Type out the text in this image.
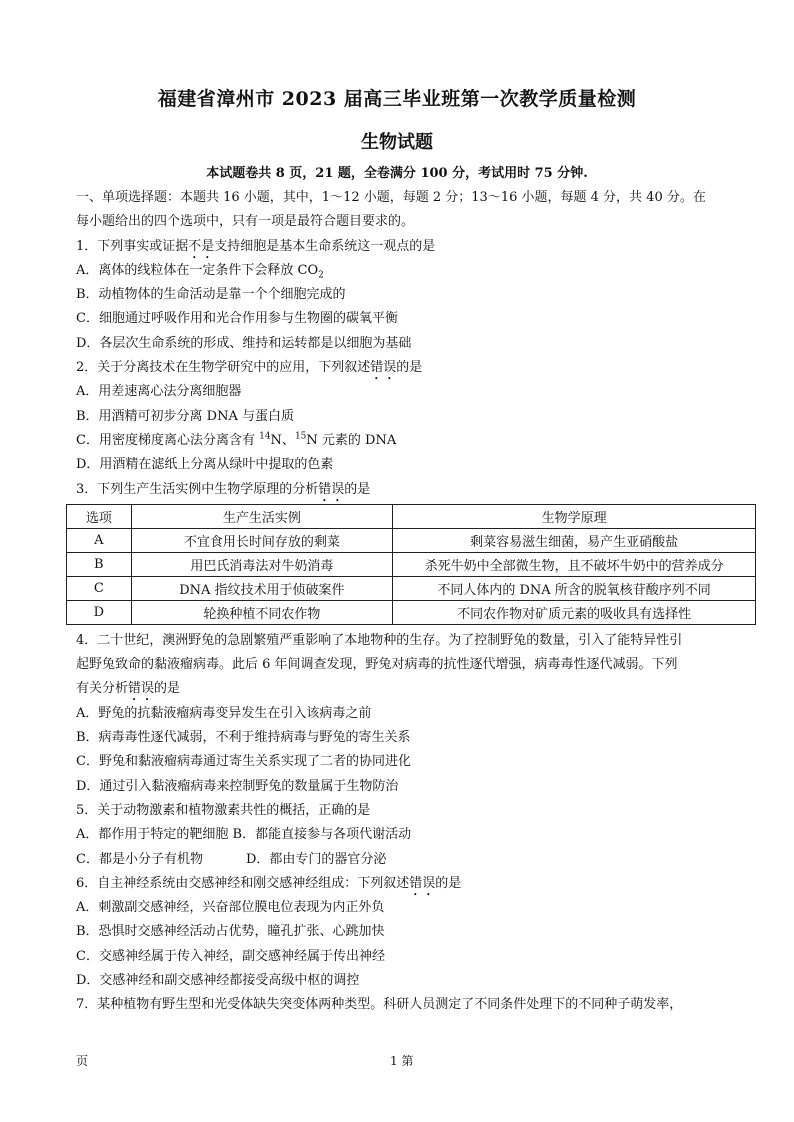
福建省漳州市 2023 届高三毕业班第一次教学质量检测
生物试题
本试题卷共 8 页，21 题，全卷满分 100 分，考试用时 75 分钟.
一、单项选择题：本题共 16 小题，其中，1～12 小题，每题 2 分；13～16 小题，每题 4 分，共 40 分。在
每小题给出的四个选项中，只有一项是最符合题目要求的。
1．下列事实或证据不是支持细胞是基本生命系统这一观点的是
A．离体的线粒体在一定条件下会释放 $CO_2$
B．动植物体的生命活动是靠一个个细胞完成的
C．细胞通过呼吸作用和光合作用参与生物圈的碳氧平衡
D．各层次生命系统的形成、维持和运转都是以细胞为基础
2．关于分离技术在生物学研究中的应用，下列叙述错误的是
A．用差速离心法分离细胞器
B．用酒精可初步分离 DNA 与蛋白质
C．用密度梯度离心法分离含有 $^{14}$N、$^{15}$N 元素的 DNA
D．用酒精在滤纸上分离从绿叶中提取的色素
3．下列生产生活实例中生物学原理的分析错误的是
选项	生产生活实例	生物学原理
A	不宜食用长时间存放的剩菜	剩菜容易滋生细菌，易产生亚硝酸盐
B	用巴氏消毒法对牛奶消毒	杀死牛奶中全部微生物，且不破坏牛奶中的营养成分
C	DNA 指纹技术用于侦破案件	不同人体内的 DNA 所含的脱氧核苷酸序列不同
D	轮换种植不同农作物	不同农作物对矿质元素的吸收具有选择性
4．二十世纪，澳洲野兔的急剧繁殖严重影响了本地物种的生存。为了控制野兔的数量，引入了能特异性引
起野兔致命的黏液瘤病毒。此后 6 年间调查发现，野兔对病毒的抗性逐代增强，病毒毒性逐代减弱。下列
有关分析错误的是
A．野兔的抗黏液瘤病毒变异发生在引入该病毒之前
B．病毒毒性逐代减弱，不利于维持病毒与野兔的寄生关系
C．野兔和黏液瘤病毒通过寄生关系实现了二者的协同进化
D．通过引入黏液瘤病毒来控制野兔的数量属于生物防治
5．关于动物激素和植物激素共性的概括，正确的是
A．都作用于特定的靶细胞 B．都能直接参与各项代谢活动
C．都是小分子有机物	D．都由专门的器官分泌
6．自主神经系统由交感神经和刚交感神经组成：下列叙述错误的是
A．刺激副交感神经，兴奋部位膜电位表现为内正外负
B．恐惧时交感神经活动占优势，瞳孔扩张、心跳加快
C．交感神经属于传入神经，副交感神经属于传出神经
D．交感神经和副交感神经都接受高级中枢的调控
7．某种植物有野生型和光受体缺失突变体两种类型。科研人员测定了不同条件处理下的不同种子萌发率，
页	1 第
